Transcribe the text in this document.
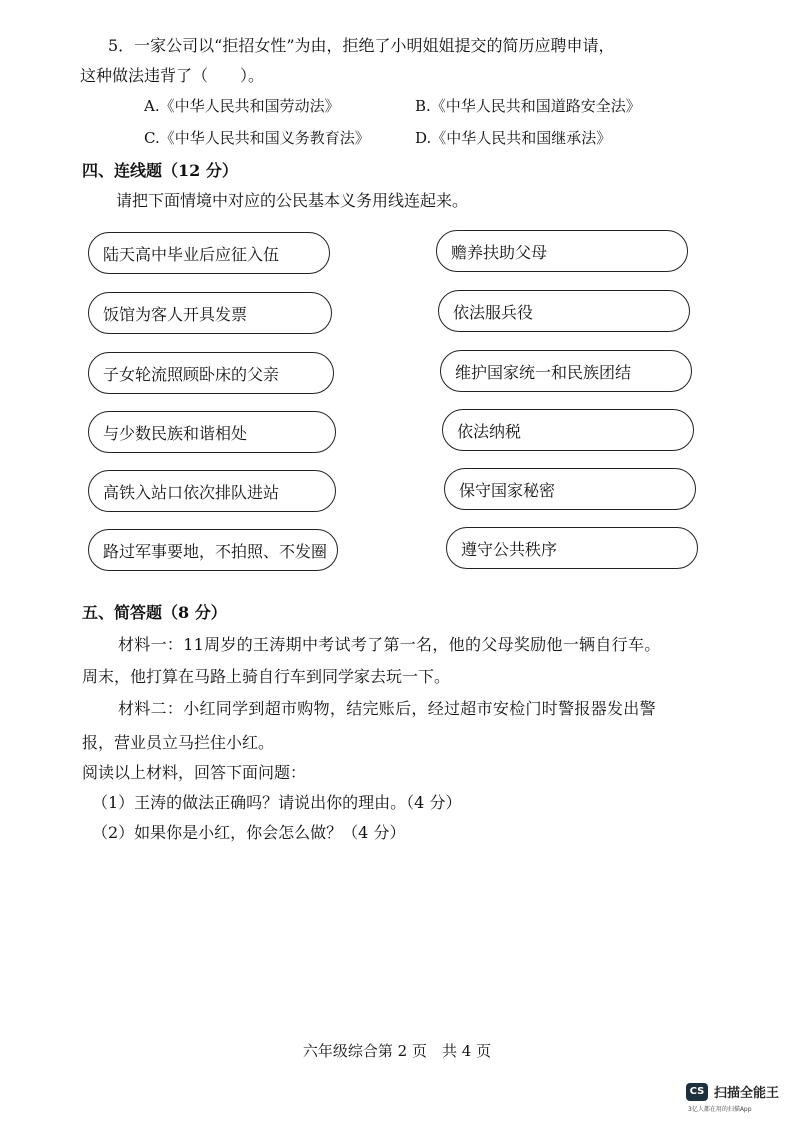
5．一家公司以“拒招女性”为由，拒绝了小明姐姐提交的简历应聘申请，
这种做法违背了（　　）。
A.《中华人民共和国劳动法》	B.《中华人民共和国道路安全法》
C.《中华人民共和国义务教育法》	D.《中华人民共和国继承法》
四、连线题（12 分）
请把下面情境中对应的公民基本义务用线连起来。
陆天高中毕业后应征入伍
饭馆为客人开具发票
子女轮流照顾卧床的父亲
与少数民族和谐相处
高铁入站口依次排队进站
路过军事要地，不拍照、不发圈
赡养扶助父母
依法服兵役
维护国家统一和民族团结
依法纳税
保守国家秘密
遵守公共秩序
五、简答题（8 分）
材料一：11周岁的王涛期中考试考了第一名，他的父母奖励他一辆自行车。
周末，他打算在马路上骑自行车到同学家去玩一下。
材料二：小红同学到超市购物，结完账后，经过超市安检门时警报器发出警
报，营业员立马拦住小红。
阅读以上材料，回答下面问题：
（1）王涛的做法正确吗？请说出你的理由。（4 分）
（2）如果你是小红，你会怎么做？（4 分）
六年级综合第 2 页　共 4 页
CS 扫描全能王
3亿人都在用的扫描App
